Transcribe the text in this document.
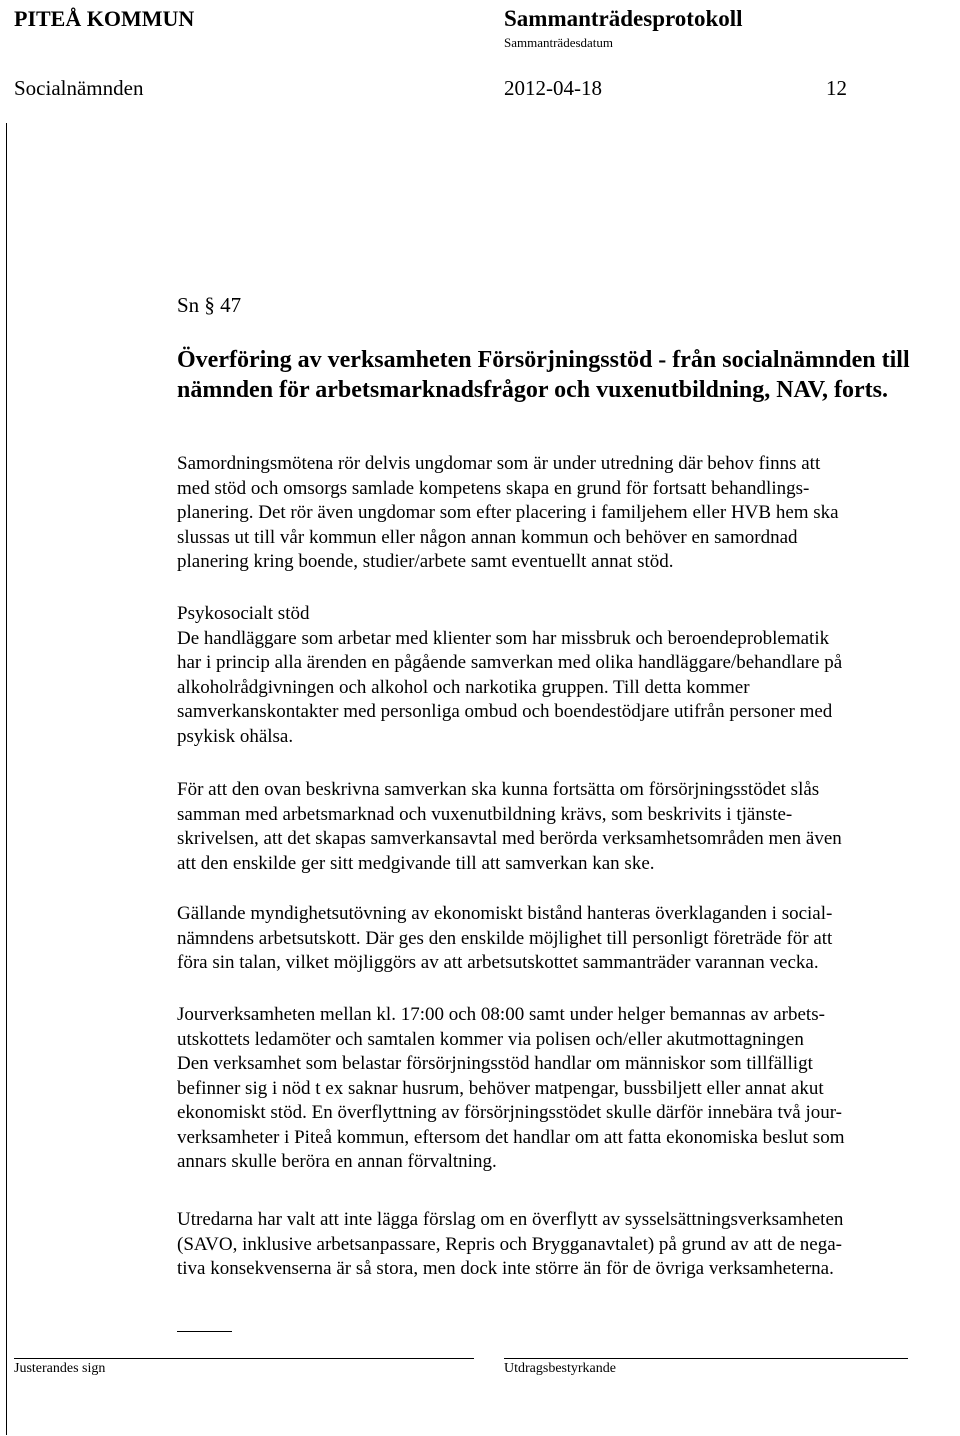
PITEÅ KOMMUN	Sammanträdesprotokoll
Sammanträdesdatum
Socialnämnden	2012-04-18	12
Sn § 47
Överföring av verksamheten Försörjningsstöd - från socialnämnden till nämnden för arbetsmarknadsfrågor och vuxenutbildning, NAV, forts.
Samordningsmötena rör delvis ungdomar som är under utredning där behov finns att
med stöd och omsorgs samlade kompetens skapa en grund för fortsatt behandlings-
planering. Det rör även ungdomar som efter placering i familjehem eller HVB hem ska
slussas ut till vår kommun eller någon annan kommun och behöver en samordnad
planering kring boende, studier/arbete samt eventuellt annat stöd.
Psykosocialt stöd
De handläggare som arbetar med klienter som har missbruk och beroendeproblematik
har i princip alla ärenden en pågående samverkan med olika handläggare/behandlare på
alkoholrådgivningen och alkohol och narkotika gruppen. Till detta kommer
samverkanskontakter med personliga ombud och boendestödjare utifrån personer med
psykisk ohälsa.
För att den ovan beskrivna samverkan ska kunna fortsätta om försörjningsstödet slås
samman med arbetsmarknad och vuxenutbildning krävs, som beskrivits i tjänste-
skrivelsen, att det skapas samverkansavtal med berörda verksamhetsområden men även
att den enskilde ger sitt medgivande till att samverkan kan ske.
Gällande myndighetsutövning av ekonomiskt bistånd hanteras överklaganden i social-
nämndens arbetsutskott. Där ges den enskilde möjlighet till personligt företräde för att
föra sin talan, vilket möjliggörs av att arbetsutskottet sammanträder varannan vecka.
Jourverksamheten mellan kl. 17:00 och 08:00 samt under helger bemannas av arbets-
utskottets ledamöter och samtalen kommer via polisen och/eller akutmottagningen
Den verksamhet som belastar försörjningsstöd handlar om människor som tillfälligt
befinner sig i nöd t ex saknar husrum, behöver matpengar, bussbiljett eller annat akut
ekonomiskt stöd. En överflyttning av försörjningsstödet skulle därför innebära två jour-
verksamheter i Piteå kommun, eftersom det handlar om att fatta ekonomiska beslut som
annars skulle beröra en annan förvaltning.
Utredarna har valt att inte lägga förslag om en överflytt av sysselsättningsverksamheten
(SAVO, inklusive arbetsanpassare, Repris och Brygganavtalet) på grund av att de nega-
tiva konsekvenserna är så stora, men dock inte större än för de övriga verksamheterna.
Justerandes sign	Utdragsbestyrkande
